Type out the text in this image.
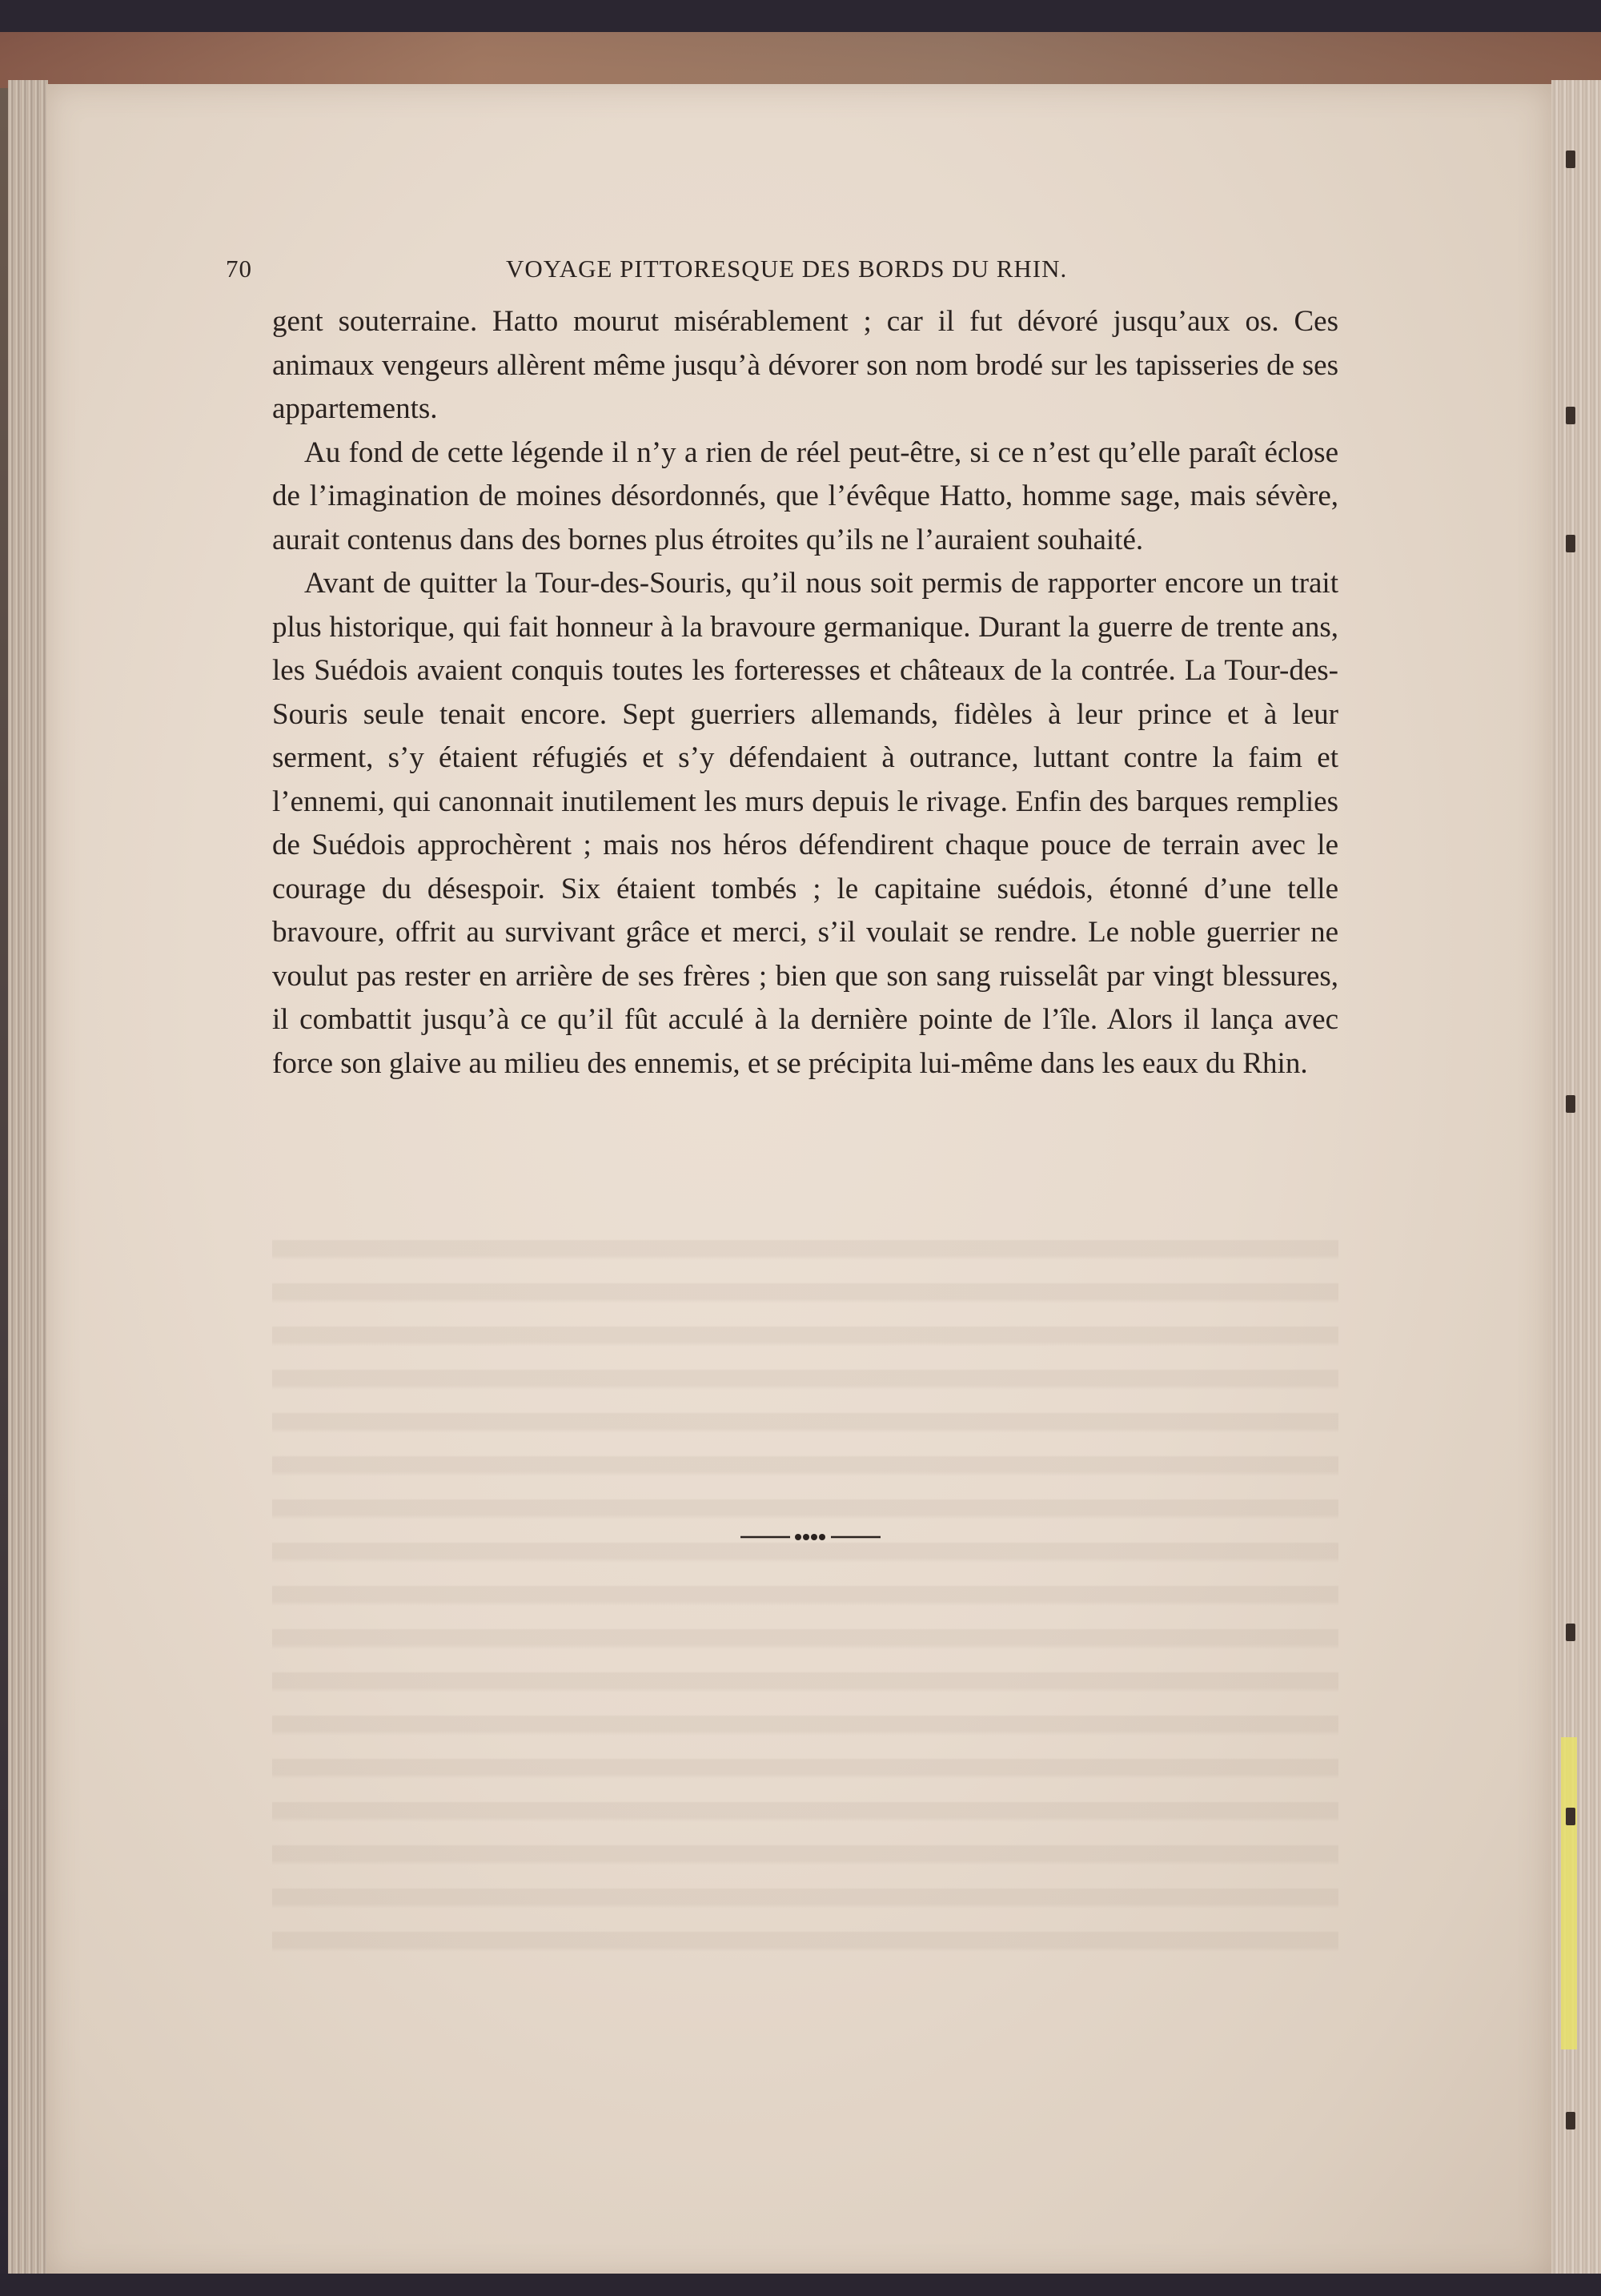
70	VOYAGE PITTORESQUE DES BORDS DU RHIN.

gent souterraine. Hatto mourut misérablement ; car il fut dévoré jusqu’aux os. Ces animaux vengeurs allèrent même jusqu’à dévorer son nom brodé sur les tapisseries de ses appartements.

Au fond de cette légende il n’y a rien de réel peut-être, si ce n’est qu’elle paraît éclose de l’imagination de moines désordonnés, que l’évêque Hatto, homme sage, mais sévère, aurait contenus dans des bornes plus étroites qu’ils ne l’auraient souhaité.

Avant de quitter la Tour-des-Souris, qu’il nous soit permis de rapporter encore un trait plus historique, qui fait honneur à la bravoure germanique. Durant la guerre de trente ans, les Suédois avaient conquis toutes les forteresses et châteaux de la contrée. La Tour-des-Souris seule tenait encore. Sept guerriers allemands, fidèles à leur prince et à leur serment, s’y étaient réfugiés et s’y défendaient à outrance, luttant contre la faim et l’ennemi, qui canonnait inutilement les murs depuis le rivage. Enfin des barques remplies de Suédois approchèrent ; mais nos héros défendirent chaque pouce de terrain avec le courage du désespoir. Six étaient tombés ; le capitaine suédois, étonné d’une telle bravoure, offrit au survivant grâce et merci, s’il voulait se rendre. Le noble guerrier ne voulut pas rester en arrière de ses frères ; bien que son sang ruisselât par vingt blessures, il combattit jusqu’à ce qu’il fût acculé à la dernière pointe de l’île. Alors il lança avec force son glaive au milieu des ennemis, et se précipita lui-même dans les eaux du Rhin.
